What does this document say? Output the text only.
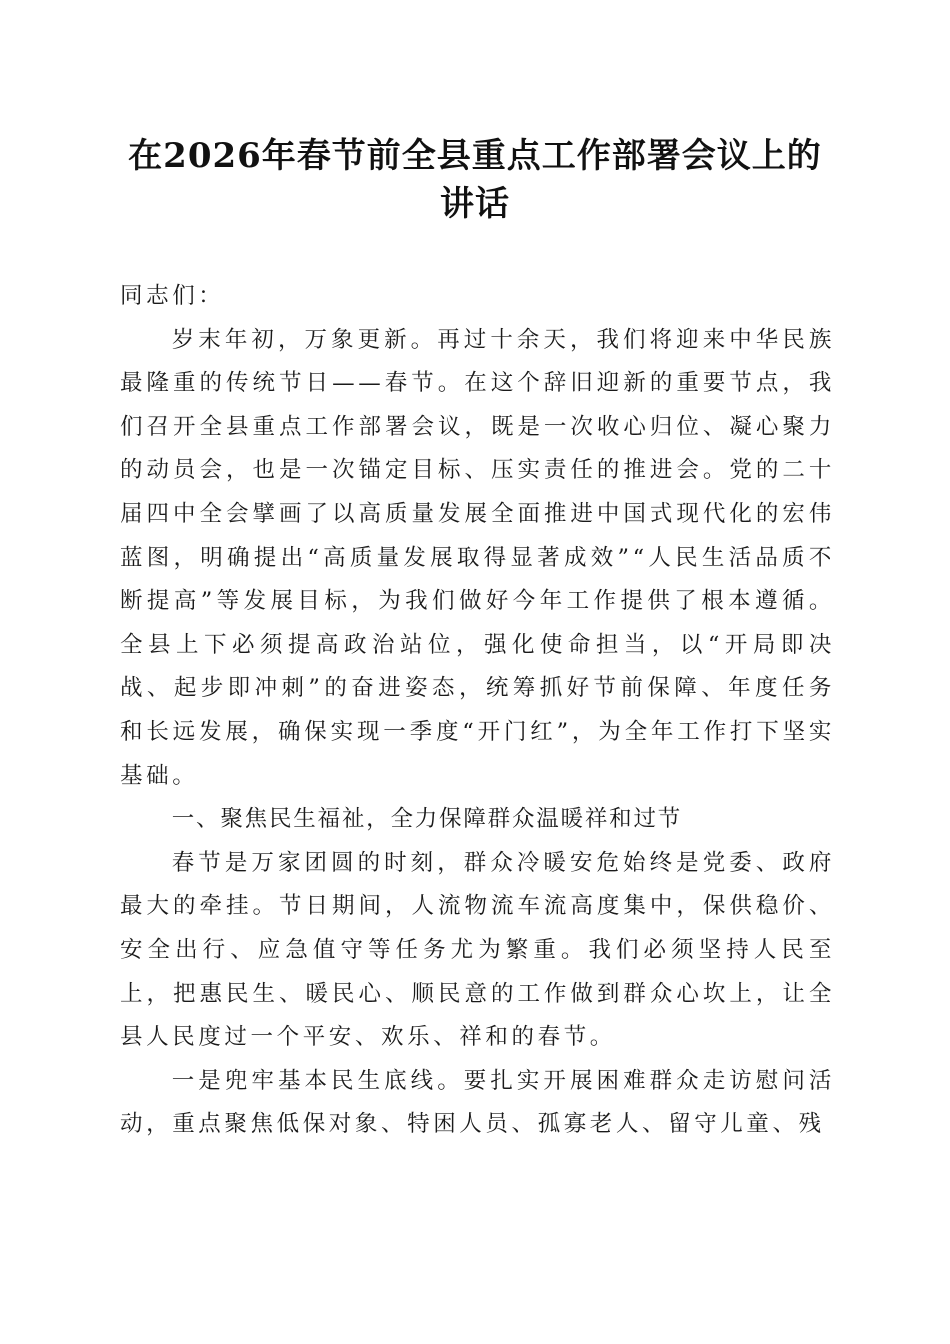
在2026年春节前全县重点工作部署会议上的
讲话

同志们：

岁末年初，万象更新。再过十余天，我们将迎来中华民族最隆重的传统节日——春节。在这个辞旧迎新的重要节点，我们召开全县重点工作部署会议，既是一次收心归位、凝心聚力的动员会，也是一次锚定目标、压实责任的推进会。党的二十届四中全会擘画了以高质量发展全面推进中国式现代化的宏伟蓝图，明确提出“高质量发展取得显著成效”“人民生活品质不断提高”等发展目标，为我们做好今年工作提供了根本遵循。全县上下必须提高政治站位，强化使命担当，以“开局即决战、起步即冲刺”的奋进姿态，统筹抓好节前保障、年度任务和长远发展，确保实现一季度“开门红”，为全年工作打下坚实基础。

一、聚焦民生福祉，全力保障群众温暖祥和过节

春节是万家团圆的时刻，群众冷暖安危始终是党委、政府最大的牵挂。节日期间，人流物流车流高度集中，保供稳价、安全出行、应急值守等任务尤为繁重。我们必须坚持人民至上，把惠民生、暖民心、顺民意的工作做到群众心坎上，让全县人民度过一个平安、欢乐、祥和的春节。

一是兜牢基本民生底线。要扎实开展困难群众走访慰问活动，重点聚焦低保对象、特困人员、孤寡老人、留守儿童、残
